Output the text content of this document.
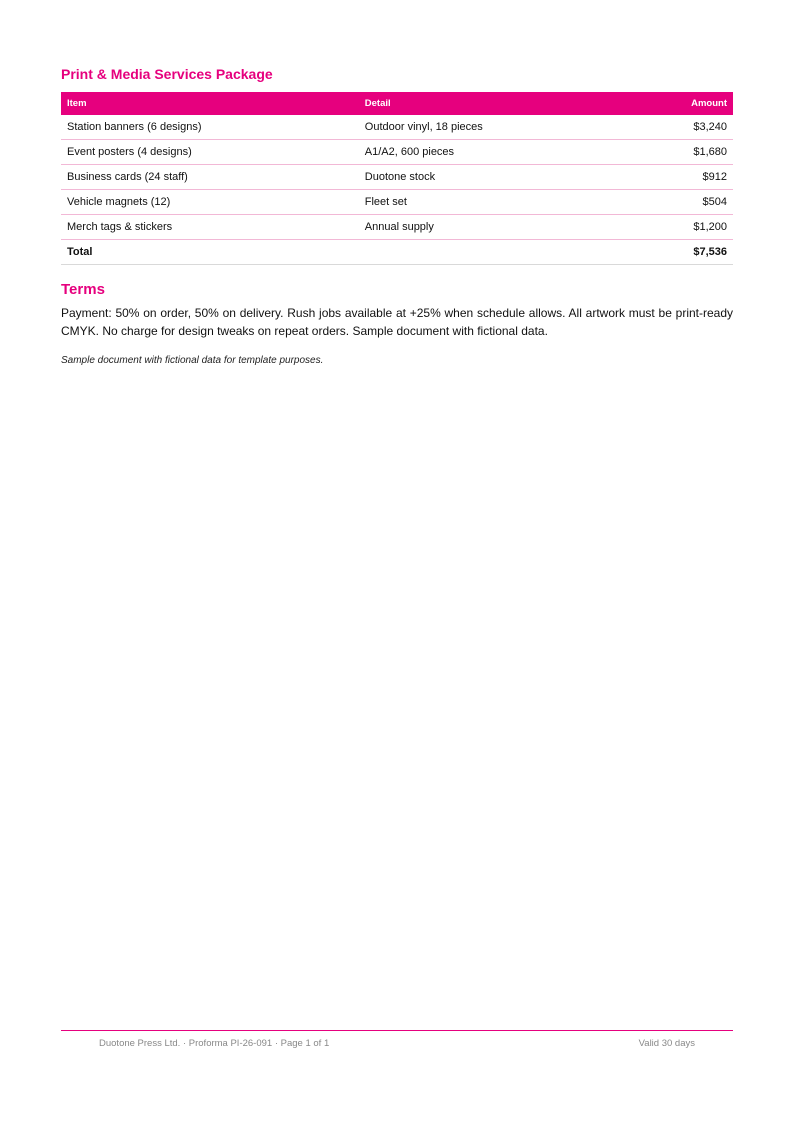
Print & Media Services Package
Item	Detail	Amount
Station banners (6 designs)	Outdoor vinyl, 18 pieces	$3,240
Event posters (4 designs)	A1/A2, 600 pieces	$1,680
Business cards (24 staff)	Duotone stock	$912
Vehicle magnets (12)	Fleet set	$504
Merch tags & stickers	Annual supply	$1,200
Total		$7,536
Terms

Payment: 50% on order, 50% on delivery. Rush jobs available at +25% when schedule allows. All artwork must be print-ready CMYK. No charge for design tweaks on repeat orders. Sample document with fictional data.

Sample document with fictional data for template purposes.

Duotone Press Ltd. · Proforma PI-26-091 · Page 1 of 1	Valid 30 days
